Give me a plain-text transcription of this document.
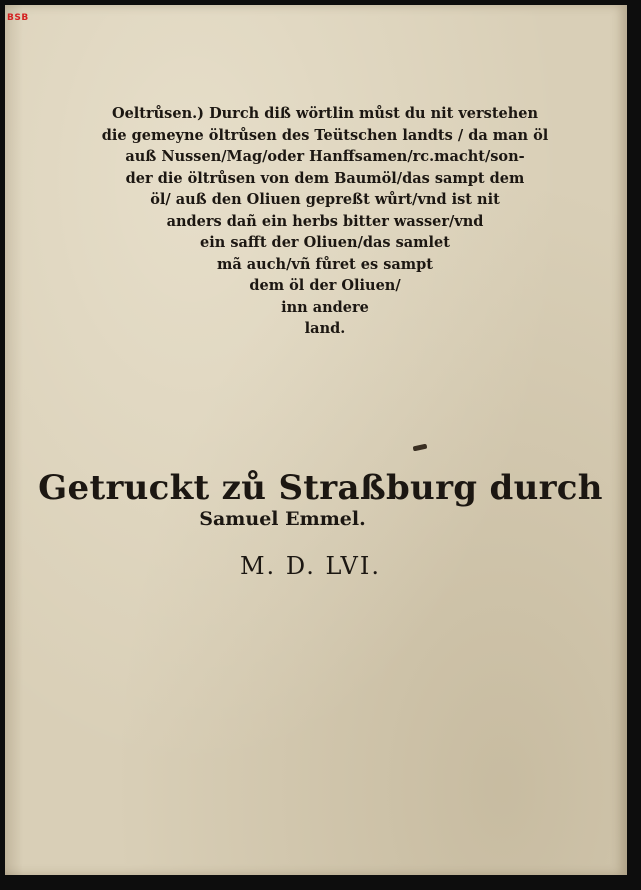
BSB
Oeltrůsen.) Durch diß wörtlin můst du nit verstehen
die gemeyne öltrůsen des Teütschen landts / da man öl
auß Nussen/Mag/oder Hanffsamen/rc.macht/son-
der die öltrůsen von dem Baumöl/das sampt dem
öl/ auß den Oliuen gepreßt wůrt/vnd ist nit
anders dañ ein herbs bitter wasser/vnd
ein safft der Oliuen/das samlet
mã auch/vñ fůret es sampt
dem öl der Oliuen/
inn andere
land.
Getruckt zů Straßburg durch
Samuel Emmel.
M. D. LVI.
